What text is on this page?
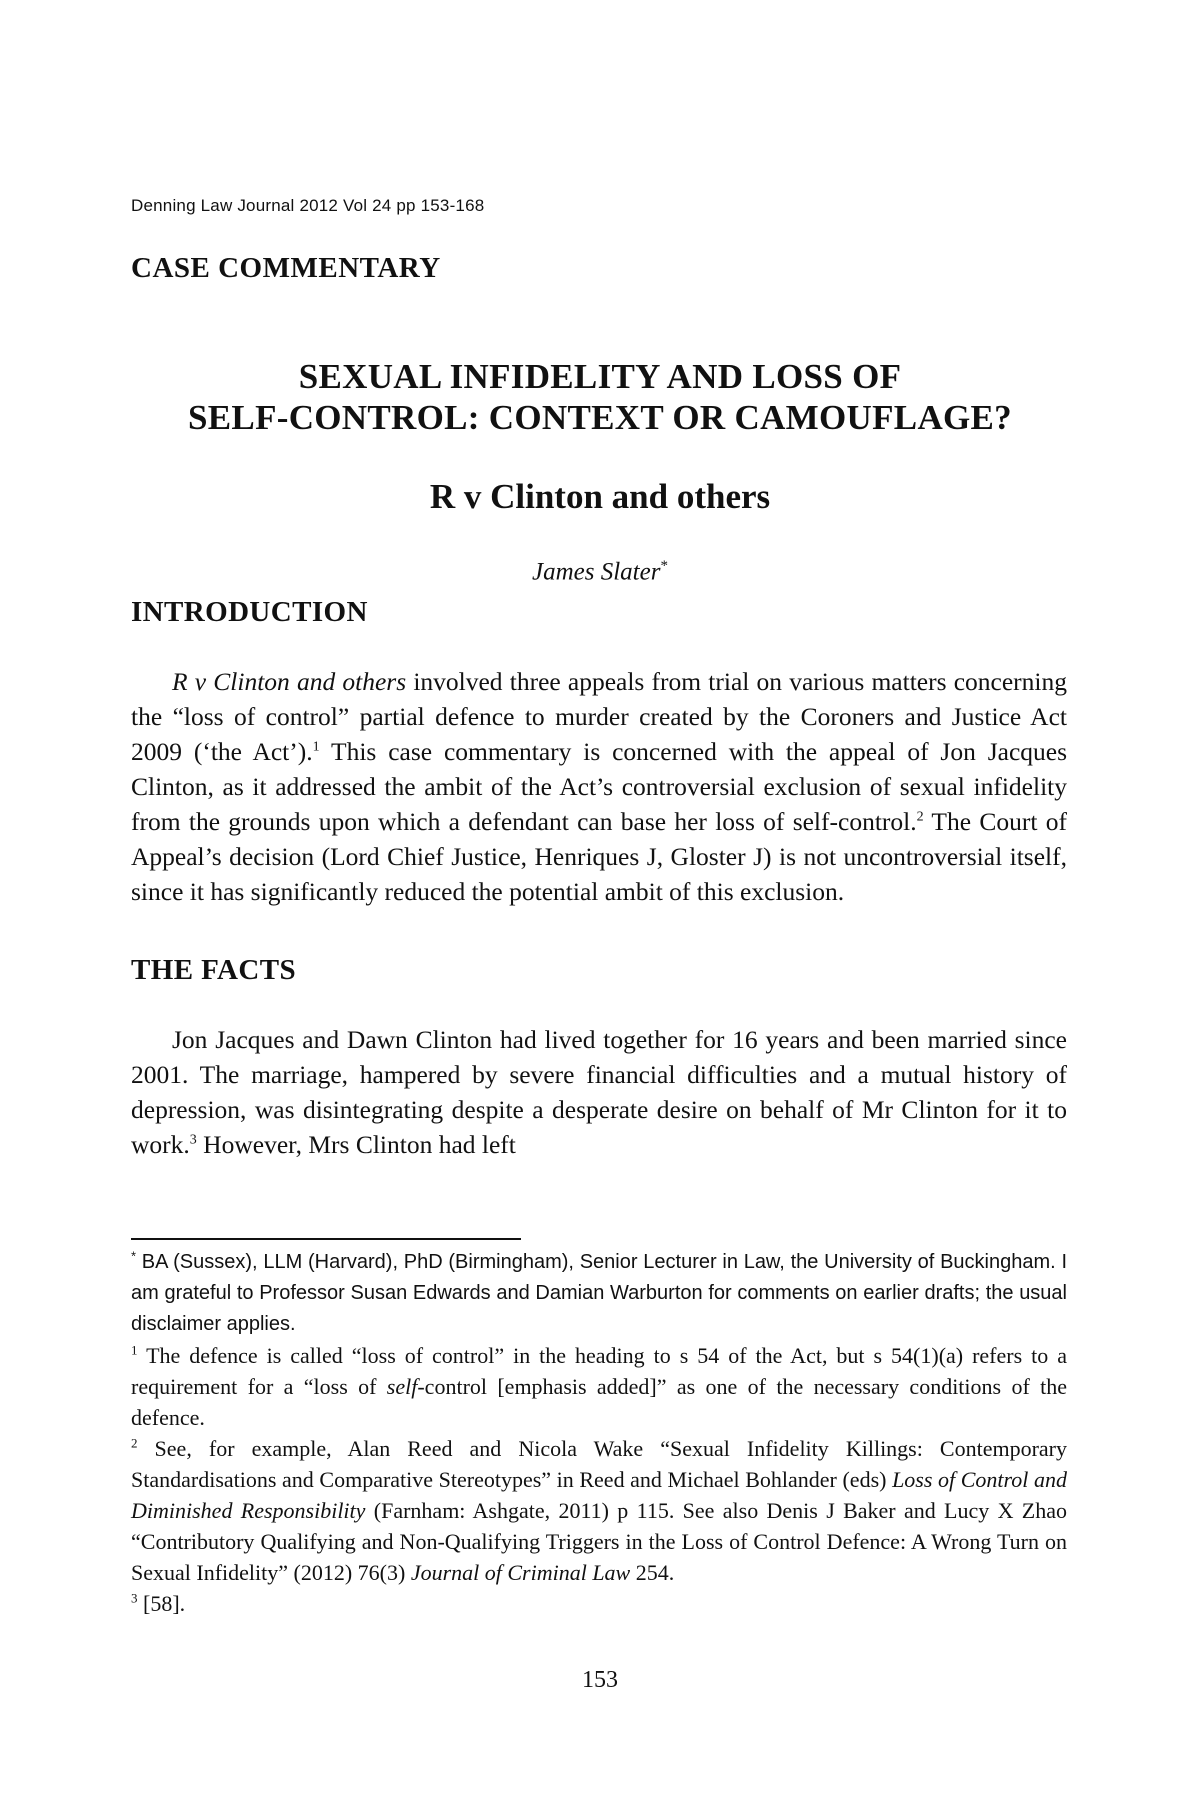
Denning Law Journal 2012 Vol 24 pp 153-168
CASE COMMENTARY
SEXUAL INFIDELITY AND LOSS OF
SELF-CONTROL: CONTEXT OR CAMOUFLAGE?
R v Clinton and others
James Slater*
INTRODUCTION

R v Clinton and others involved three appeals from trial on various matters concerning the “loss of control” partial defence to murder created by the Coroners and Justice Act 2009 (‘the Act’).$^1$ This case commentary is concerned with the appeal of Jon Jacques Clinton, as it addressed the ambit of the Act’s controversial exclusion of sexual infidelity from the grounds upon which a defendant can base her loss of self-control.$^2$ The Court of Appeal’s decision (Lord Chief Justice, Henriques J, Gloster J) is not uncontroversial itself, since it has significantly reduced the potential ambit of this exclusion.

THE FACTS

Jon Jacques and Dawn Clinton had lived together for 16 years and been married since 2001. The marriage, hampered by severe financial difficulties and a mutual history of depression, was disintegrating despite a desperate desire on behalf of Mr Clinton for it to work.$^3$ However, Mrs Clinton had left

* BA (Sussex), LLM (Harvard), PhD (Birmingham), Senior Lecturer in Law, the University of Buckingham. I am grateful to Professor Susan Edwards and Damian Warburton for comments on earlier drafts; the usual disclaimer applies.

$^1$ The defence is called “loss of control” in the heading to s 54 of the Act, but s 54(1)(a) refers to a requirement for a “loss of self-control [emphasis added]” as one of the necessary conditions of the defence.

$^2$ See, for example, Alan Reed and Nicola Wake “Sexual Infidelity Killings: Contemporary Standardisations and Comparative Stereotypes” in Reed and Michael Bohlander (eds) Loss of Control and Diminished Responsibility (Farnham: Ashgate, 2011) p 115. See also Denis J Baker and Lucy X Zhao “Contributory Qualifying and Non-Qualifying Triggers in the Loss of Control Defence: A Wrong Turn on Sexual Infidelity” (2012) 76(3) Journal of Criminal Law 254.

$^3$ [58].

153
